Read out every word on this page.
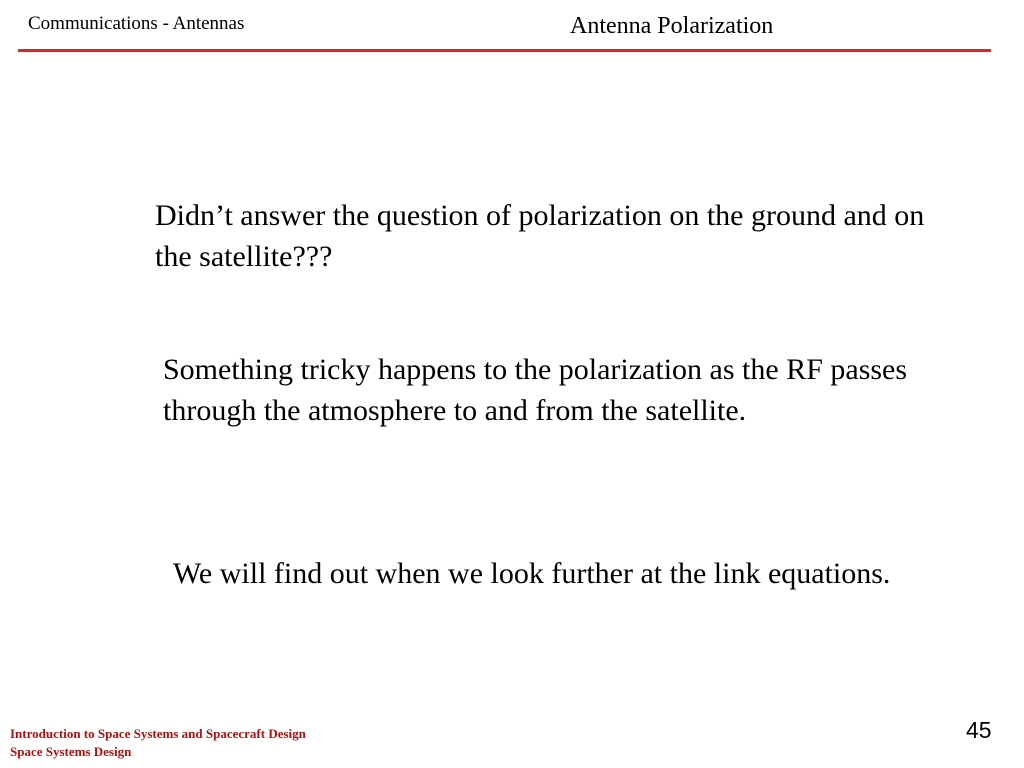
Communications - Antennas	Antenna Polarization

Didn’t answer the question of polarization on the ground and on the satellite???

Something tricky happens to the polarization as the RF passes through the atmosphere to and from the satellite.

We will find out when we look further at the link equations.

Introduction to Space Systems and Spacecraft Design
Space Systems Design
45
